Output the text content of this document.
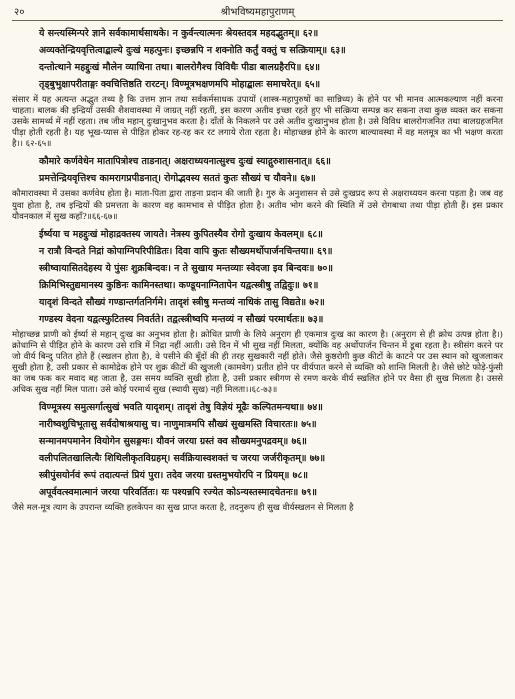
२०	श्रीभविष्यमहापुराणम्
ये सन्त्यस्मिन्परे ज्ञाने सर्वकामार्थसाधके। न कुर्वन्त्यात्मनः श्रेयस्तदत्र महदद्भुतम्॥ ६२॥
अव्यक्तेन्द्रियवृत्तित्वाद्बाल्ये दुःखं महत्पुनः। इच्छन्नपि न शक्नोति कर्तुं वक्तुं च सत्क्रियाम्॥ ६३॥
दन्तोत्थाने महद्दुःखं मौलेन व्याधिना तथा। बालरोगैश्च विविधैः पीडा बालग्रहैरपि॥ ६४॥
तृड्बुभुक्षापरीताङ्गः क्वचित्तिष्ठति रारटन्। विण्मूत्रभक्षणमपि मोहाद्बालः समाचरेत्॥ ६५॥
संसार में यह अत्यन्त अद्भुत तथ्य है कि उत्तम ज्ञान तथा सर्वकर्मसाधक उपायों (शास्त्र-महापुरुषों का सान्निध्य) के होने पर भी मानव आत्मकल्याण नहीं करना चाहता। बालक की इन्द्रियाँ उसकी शैशवावस्था में जाग्रत् नहीं रहतीं, इस कारण अतीव इच्छा रहते हुए भी सत्क्रिया सम्पन्न कर सकना तथा कुछ व्यक्त कर सकना उसके सामर्थ्य में नहीं रहता। तब जीव महान् दुःखानुभव करता है। दाँतों के निकलने पर उसे अतीव दुःखानुभव होता है। उसे विविध बालरोगजनित तथा बालग्रहजनित पीड़ा होती रहती है। यह भूख-प्यास से पीड़ित होकर रह-रह कर रट लगाये रोता रहता है। मोहाच्छन्न होने के कारण बाल्यावस्था में वह मलमूत्र का भी भक्षण करता है।। ६२-६५॥
कौमारे कर्णवेधेन मातापित्रोश्च ताडनात्। अक्षराध्ययनात्सुश्च दुःखं स्याद्गुरुशासनात्॥ ६६॥
प्रमत्तेन्द्रियवृत्तिश्च कामरागप्रपीडनात्। रोगोद्भवस्य सततं कुतः सौख्यं च यौवने॥ ६७॥
कौमारावस्था में उसका कर्णवेध होता है। माता-पिता द्वारा ताड़ना प्रदान की जाती है। गुरु के अनुशासन से उसे दुःखप्रद रूप से अक्षराध्ययन करना पड़ता है। जब वह युवा होता है, तब इन्द्रियों की प्रमत्तता के कारण वह कामभाव से पीड़ित होता है। अतीव भोग करने की स्थिति में उसे रोगबाधा तथा पीड़ा होती हैं। इस प्रकार यौवनकाल में सुख कहाँ?॥६६-६७॥
ईर्ष्यया च महद्दुःखं मोहाद्रक्तस्य जायते। नेत्रस्य कुपितस्यैव रोगो दुःखाय केवलम्॥ ६८॥
न रात्रौ विन्दते निद्रां कोपाग्निपरिपीडितः। दिवा वापि कुतः सौख्यमर्थोपार्जनचिन्तया॥ ६९॥
स्त्रीष्वायासितदेहस्य ये पुंसः शुक्रबिन्दवः। न ते सुखाय मन्तव्याः स्वेदजा इव बिन्दवः॥ ७०॥
क्रिमिभिस्तुद्यमानस्य कुष्ठिनः कामिनस्तथा। कण्डूयनाग्नितापेन यद्वत्स्त्रीषु तद्विदुः॥ ७१॥
यादृशं विन्दते सौख्यं गण्डान्तर्गतनिर्गमे। तादृशं स्त्रीषु मन्तव्यं नाधिकं तासु विद्यते॥ ७२॥
गण्डस्य वेदना यद्वत्स्फुटितस्य निवर्तते। तद्वत्स्त्रीष्वपि मन्तव्यं न सौख्यं परमार्थतः॥ ७३॥
मोहाच्छन्न प्राणी को ईर्ष्या से महान् दुःख का अनुभव होता है। क्रोधित प्राणी के लिये अनुराग ही एकमात्र दुःख का कारण है। (अनुराग से ही क्रोध उत्पन्न होता है।) क्रोधाग्नि से पीड़ित होने के कारण उसे रात्रि में निद्रा नहीं आती। उसे दिन में भी सुख नहीं मिलता, क्योंकि वह अर्थोपार्जन चिन्तन में डूबा रहता है। स्त्रीसंग करने पर जो वीर्य बिन्दु पतित होते हैं (स्खलन होता है), वे पसीने की बूँदों की ही तरह सुखकारी नहीं होते। जैसे कुष्ठरोगी कुछ कीटों के काटने पर उस स्थान को खुजलाकर सुखी होता है, उसी प्रकार से कामोद्रेक होने पर शुक्र कीटों की खुजली (कामवेग) प्रतीत होने पर वीर्यपात करने से व्यक्ति को शान्ति मिलती है। जैसे छोटे फोड़े-फुंसी का जब फक कर मवाद बह जाता है, उस समय व्यक्ति सुखी होता है, उसी प्रकार स्त्रीगण से रमण करके वीर्य स्खलित होने पर वैसा ही सुख मिलता है। उससे अधिक सुख नहीं मिल पाता। उसे कोई परमार्थ सुख (स्थायी सुख) नहीं मिलता।।६८-७३॥
विण्मूत्रस्य समुत्सर्गात्सुखं भवति यादृशम्। तादृशं तेषु विज्ञेयं मूढैः कल्पितमन्यथा॥ ७४॥
नारीष्वशुचिभूतासु सर्वदोषाश्रयासु च। नाणुमात्रमपि सौख्यं सुखमस्ति विचारतः॥ ७५॥
सन्मानमपमानेन वियोगेन सुसङ्गमः। यौवनं जरया ग्रस्तं क्व सौख्यमनुपद्रवम्॥ ७६॥
वलीपलितखालित्यैः शिथिलीकृतविग्रहम्। सर्वक्रियास्वशक्तं च जरया जर्जरीकृतम्॥ ७७॥
स्त्रीपुंसयोर्नवं रूपं तदात्यन्तं प्रियं पुरा। तदेव जरया ग्रस्तमुभयोरपि न प्रियम्॥ ७८॥
अपूर्ववत्स्वमात्मानं जरया परिवर्तितः। यः पश्यन्नपि रज्येत कोऽन्यस्तस्मादचेतनः॥ ७९॥
जैसे मल-मूत्र त्याग के उपरान्त व्यक्ति हलकेपन का सुख प्राप्त करता है, तदनुरूप ही सुख वीर्यस्खलन से मिलता है
